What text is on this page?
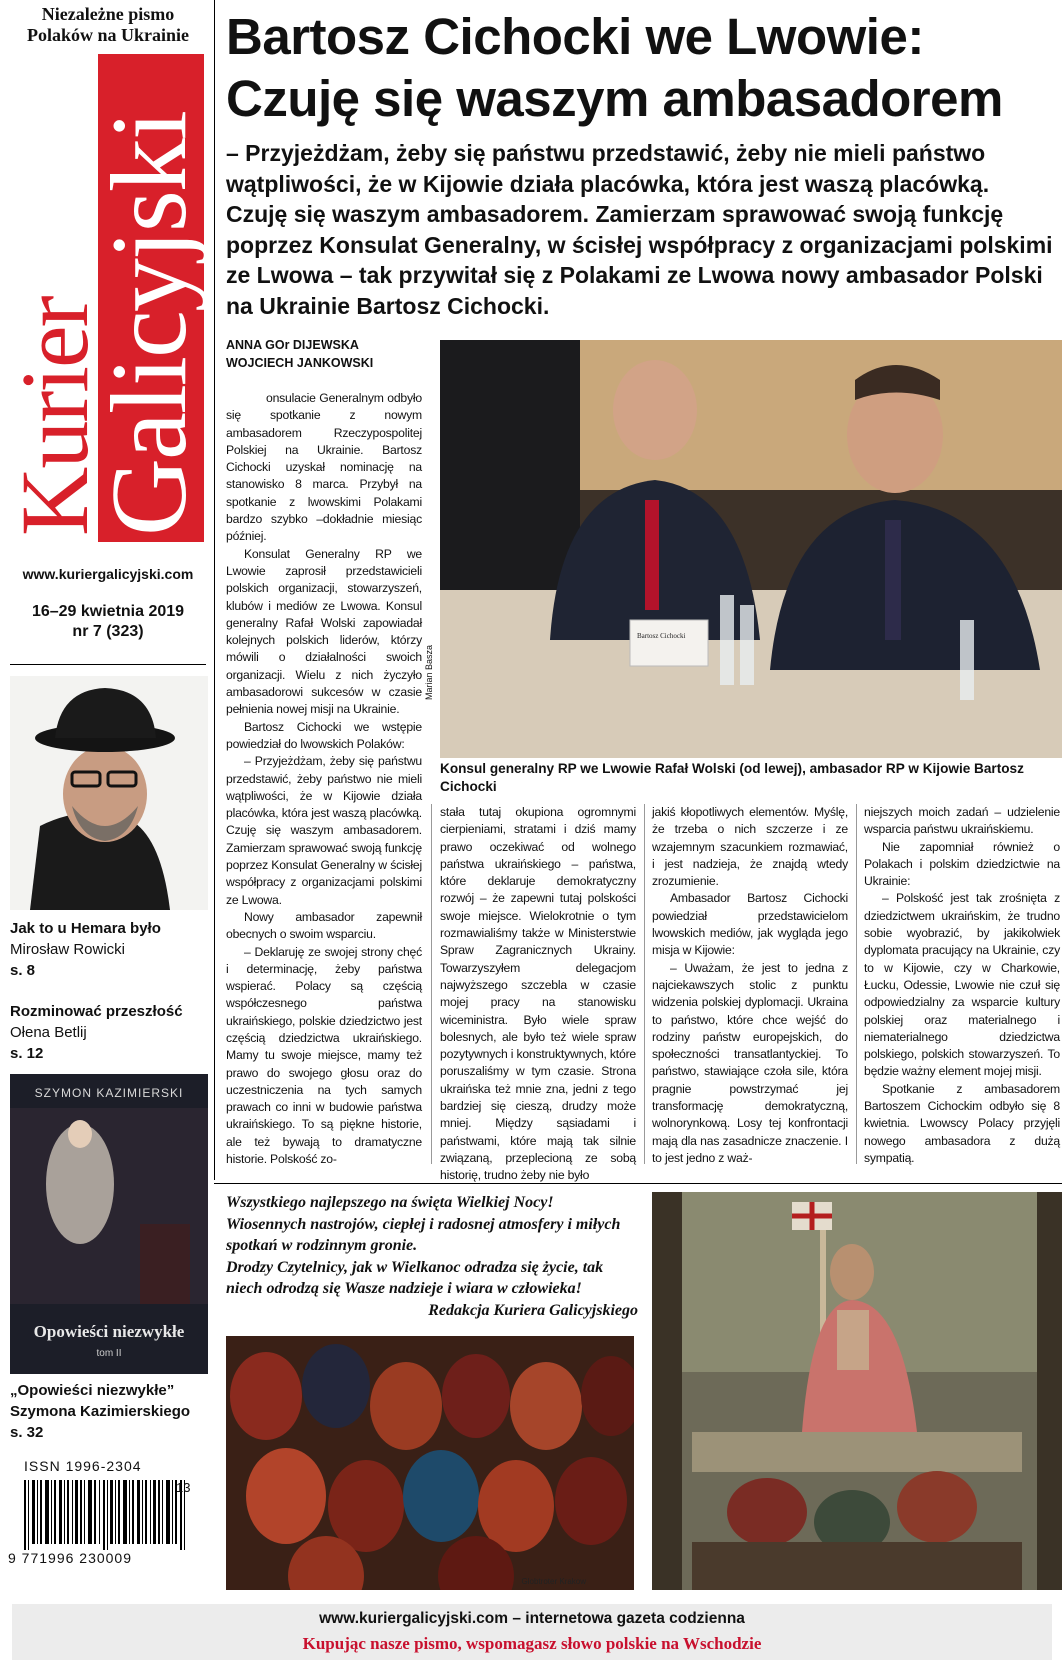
Niezależne pismo
Polaków na Ukrainie
Kurier
Galicyjski
www.kuriergalicyjski.com
16–29 kwietnia 2019
nr 7 (323)
Jak to u Hemara było
Mirosław Rowicki
s. 8
Rozminować przeszłość
Ołena Betlij
s. 12
SZYMON KAZIMIERSKI
Opowieści niezwykłe
tom II
„Opowieści niezwykłe”
Szymona Kazimierskiego
s. 32
ISSN 1996-2304
13
9 771996 230009
Bartosz Cichocki we Lwowie:
Czuję się waszym ambasadorem
– Przyjeżdżam, żeby się państwu przedstawić, żeby nie mieli państwo wątpliwości, że w Kijowie działa placówka, która jest waszą placówką. Czuję się waszym ambasadorem. Zamierzam sprawować swoją funkcję poprzez Konsulat Generalny, w ścisłej współpracy z organizacjami polskimi ze Lwowa – tak przywitał się z Polakami ze Lwowa nowy ambasador Polski na Ukrainie Bartosz Cichocki.
ANNA GOr DIJEWSKA
WOJCIECH JANKOWSKI
Bartosz Cichocki
Marian Basza
Konsul generalny RP we Lwowie Rafał Wolski (od lewej), ambasador RP w Kijowie Bartosz Cichocki

onsulacie Generalnym odbyło się spotkanie z nowym ambasadorem Rzeczypospolitej Polskiej na Ukrainie. Bartosz Cichocki uzyskał nominację na stanowisko 8 marca. Przybył na spotkanie z lwowskimi Polakami bardzo szybko –dokładnie miesiąc później.

Konsulat Generalny RP we Lwowie zaprosił przedstawicieli polskich organizacji, stowarzyszeń, klubów i mediów ze Lwowa. Konsul generalny Rafał Wolski zapowiadał kolejnych polskich liderów, którzy mówili o działalności swoich organizacji. Wielu z nich życzyło ambasadorowi sukcesów w czasie pełnienia nowej misji na Ukrainie.

Bartosz Cichocki we wstępie powiedział do lwowskich Polaków:

– Przyjeżdżam, żeby się państwu przedstawić, żeby państwo nie mieli wątpliwości, że w Kijowie działa placówka, która jest waszą placówką. Czuję się waszym ambasadorem. Zamierzam sprawować swoją funkcję poprzez Konsulat Generalny w ścisłej współpracy z organizacjami polskimi ze Lwowa.

Nowy ambasador zapewnił obecnych o swoim wsparciu.

– Deklaruję ze swojej strony chęć i determinację, żeby państwa wspierać. Polacy są częścią współczesnego państwa ukraińskiego, polskie dziedzictwo jest częścią dziedzictwa ukraińskiego. Mamy tu swoje miejsce, mamy też prawo do swojego głosu oraz do uczestniczenia na tych samych prawach co inni w budowie państwa ukraińskiego. To są piękne historie, ale też bywają to dramatyczne historie. Polskość zo-

stała tutaj okupiona ogromnymi cierpieniami, stratami i dziś mamy prawo oczekiwać od wolnego państwa ukraińskiego – państwa, które deklaruje demokratyczny rozwój – że zapewni tutaj polskości swoje miejsce. Wielokrotnie o tym rozmawialiśmy także w Ministerstwie Spraw Zagranicznych Ukrainy. Towarzyszyłem delegacjom najwyższego szczebla w czasie mojej pracy na stanowisku wiceministra. Było wiele spraw bolesnych, ale było też wiele spraw pozytywnych i konstruktywnych, które poruszaliśmy w tym czasie. Strona ukraińska też mnie zna, jedni z tego bardziej się cieszą, drudzy może mniej. Między sąsiadami i państwami, które mają tak silnie związaną, przeplecioną ze sobą historię, trudno żeby nie było

jakiś kłopotliwych elementów. Myślę, że trzeba o nich szczerze i ze wzajemnym szacunkiem rozmawiać, i jest nadzieja, że znajdą wtedy zrozumienie.

Ambasador Bartosz Cichocki powiedział przedstawicielom lwowskich mediów, jak wygląda jego misja w Kijowie:

– Uważam, że jest to jedna z najciekawszych stolic z punktu widzenia polskiej dyplomacji. Ukraina to państwo, które chce wejść do rodziny państw europejskich, do społeczności transatlantyckiej. To państwo, stawiające czoła sile, która pragnie powstrzymać jej transformację demokratyczną, wolnorynkową. Losy tej konfrontacji mają dla nas zasadnicze znaczenie. I to jest jedno z waż-

niejszych moich zadań – udzielenie wsparcia państwu ukraińskiemu.

Nie zapomniał również o Polakach i polskim dziedzictwie na Ukrainie:

– Polskość jest tak zrośnięta z dziedzictwem ukraińskim, że trudno sobie wyobrazić, by jakikolwiek dyplomata pracujący na Ukrainie, czy to w Kijowie, czy w Charkowie, Łucku, Odessie, Lwowie nie czuł się odpowiedzialny za wsparcie kultury polskiej oraz materialnego i niematerialnego dziedzictwa polskiego, polskich stowarzyszeń. To będzie ważny element mojej misji.

Spotkanie z ambasadorem Bartoszem Cichockim odbyło się 8 kwietnia. Lwowscy Polacy przyjęli nowego ambasadora z dużą sympatią.

Wszystkiego najlepszego na święta Wielkiej Nocy!
Wiosennych nastrojów, ciepłej i radosnej atmosfery i miłych spotkań w rodzinnym gronie.
Drodzy Czytelnicy, jak w Wielkanoc odradza się życie, tak niech odrodzą się Wasze nadzieje i wiara w człowieka!
Redakcja Kuriera Galicyjskiego
Globtroter Krakow
www.kuriergalicyjski.com – internetowa gazeta codzienna
Kupując nasze pismo, wspomagasz słowo polskie na Wschodzie
